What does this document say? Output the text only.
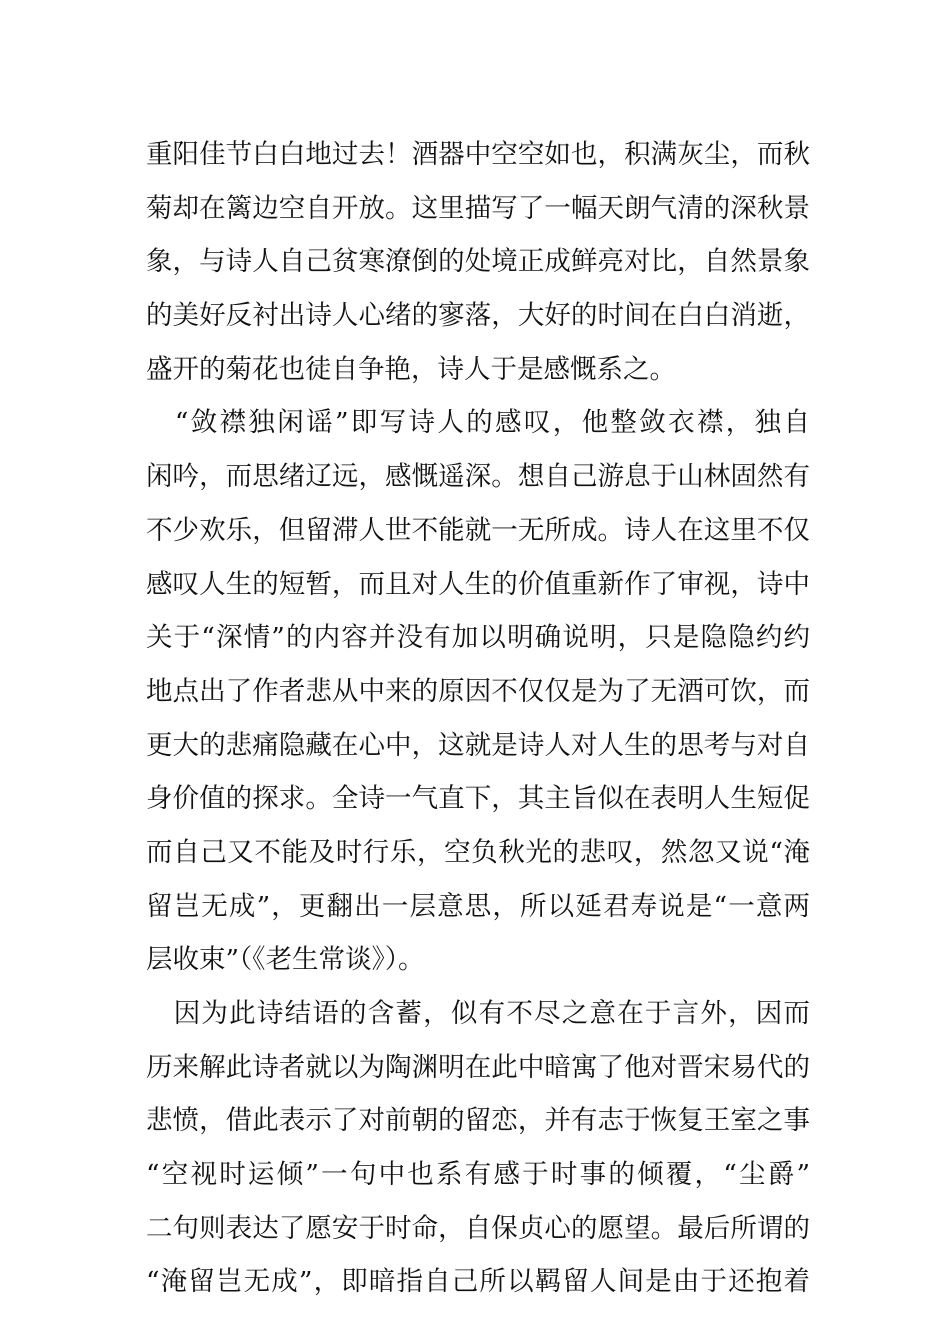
重阳佳节白白地过去！酒器中空空如也，积满灰尘，而秋
菊却在篱边空自开放。这里描写了一幅天朗气清的深秋景
象，与诗人自己贫寒潦倒的处境正成鲜亮对比，自然景象
的美好反衬出诗人心绪的寥落，大好的时间在白白消逝，
盛开的菊花也徒自争艳，诗人于是感慨系之。
　“敛襟独闲谣”即写诗人的感叹，他整敛衣襟，独自
闲吟，而思绪辽远，感慨遥深。想自己游息于山林固然有
不少欢乐，但留滞人世不能就一无所成。诗人在这里不仅
感叹人生的短暂，而且对人生的价值重新作了审视，诗中
关于“深情”的内容并没有加以明确说明，只是隐隐约约
地点出了作者悲从中来的原因不仅仅是为了无酒可饮，而
更大的悲痛隐藏在心中，这就是诗人对人生的思考与对自
身价值的探求。全诗一气直下，其主旨似在表明人生短促
而自己又不能及时行乐，空负秋光的悲叹，然忽又说“淹
留岂无成”，更翻出一层意思，所以延君寿说是“一意两
层收束”（《老生常谈》）。
　因为此诗结语的含蓄，似有不尽之意在于言外，因而
历来解此诗者就以为陶渊明在此中暗寓了他对晋宋易代的
悲愤，借此表示了对前朝的留恋，并有志于恢复王室之事
“空视时运倾”一句中也系有感于时事的倾覆，“尘爵”
二句则表达了愿安于时命，自保贞心的愿望。最后所谓的
“淹留岂无成”，即暗指自己所以羁留人间是由于还抱着
